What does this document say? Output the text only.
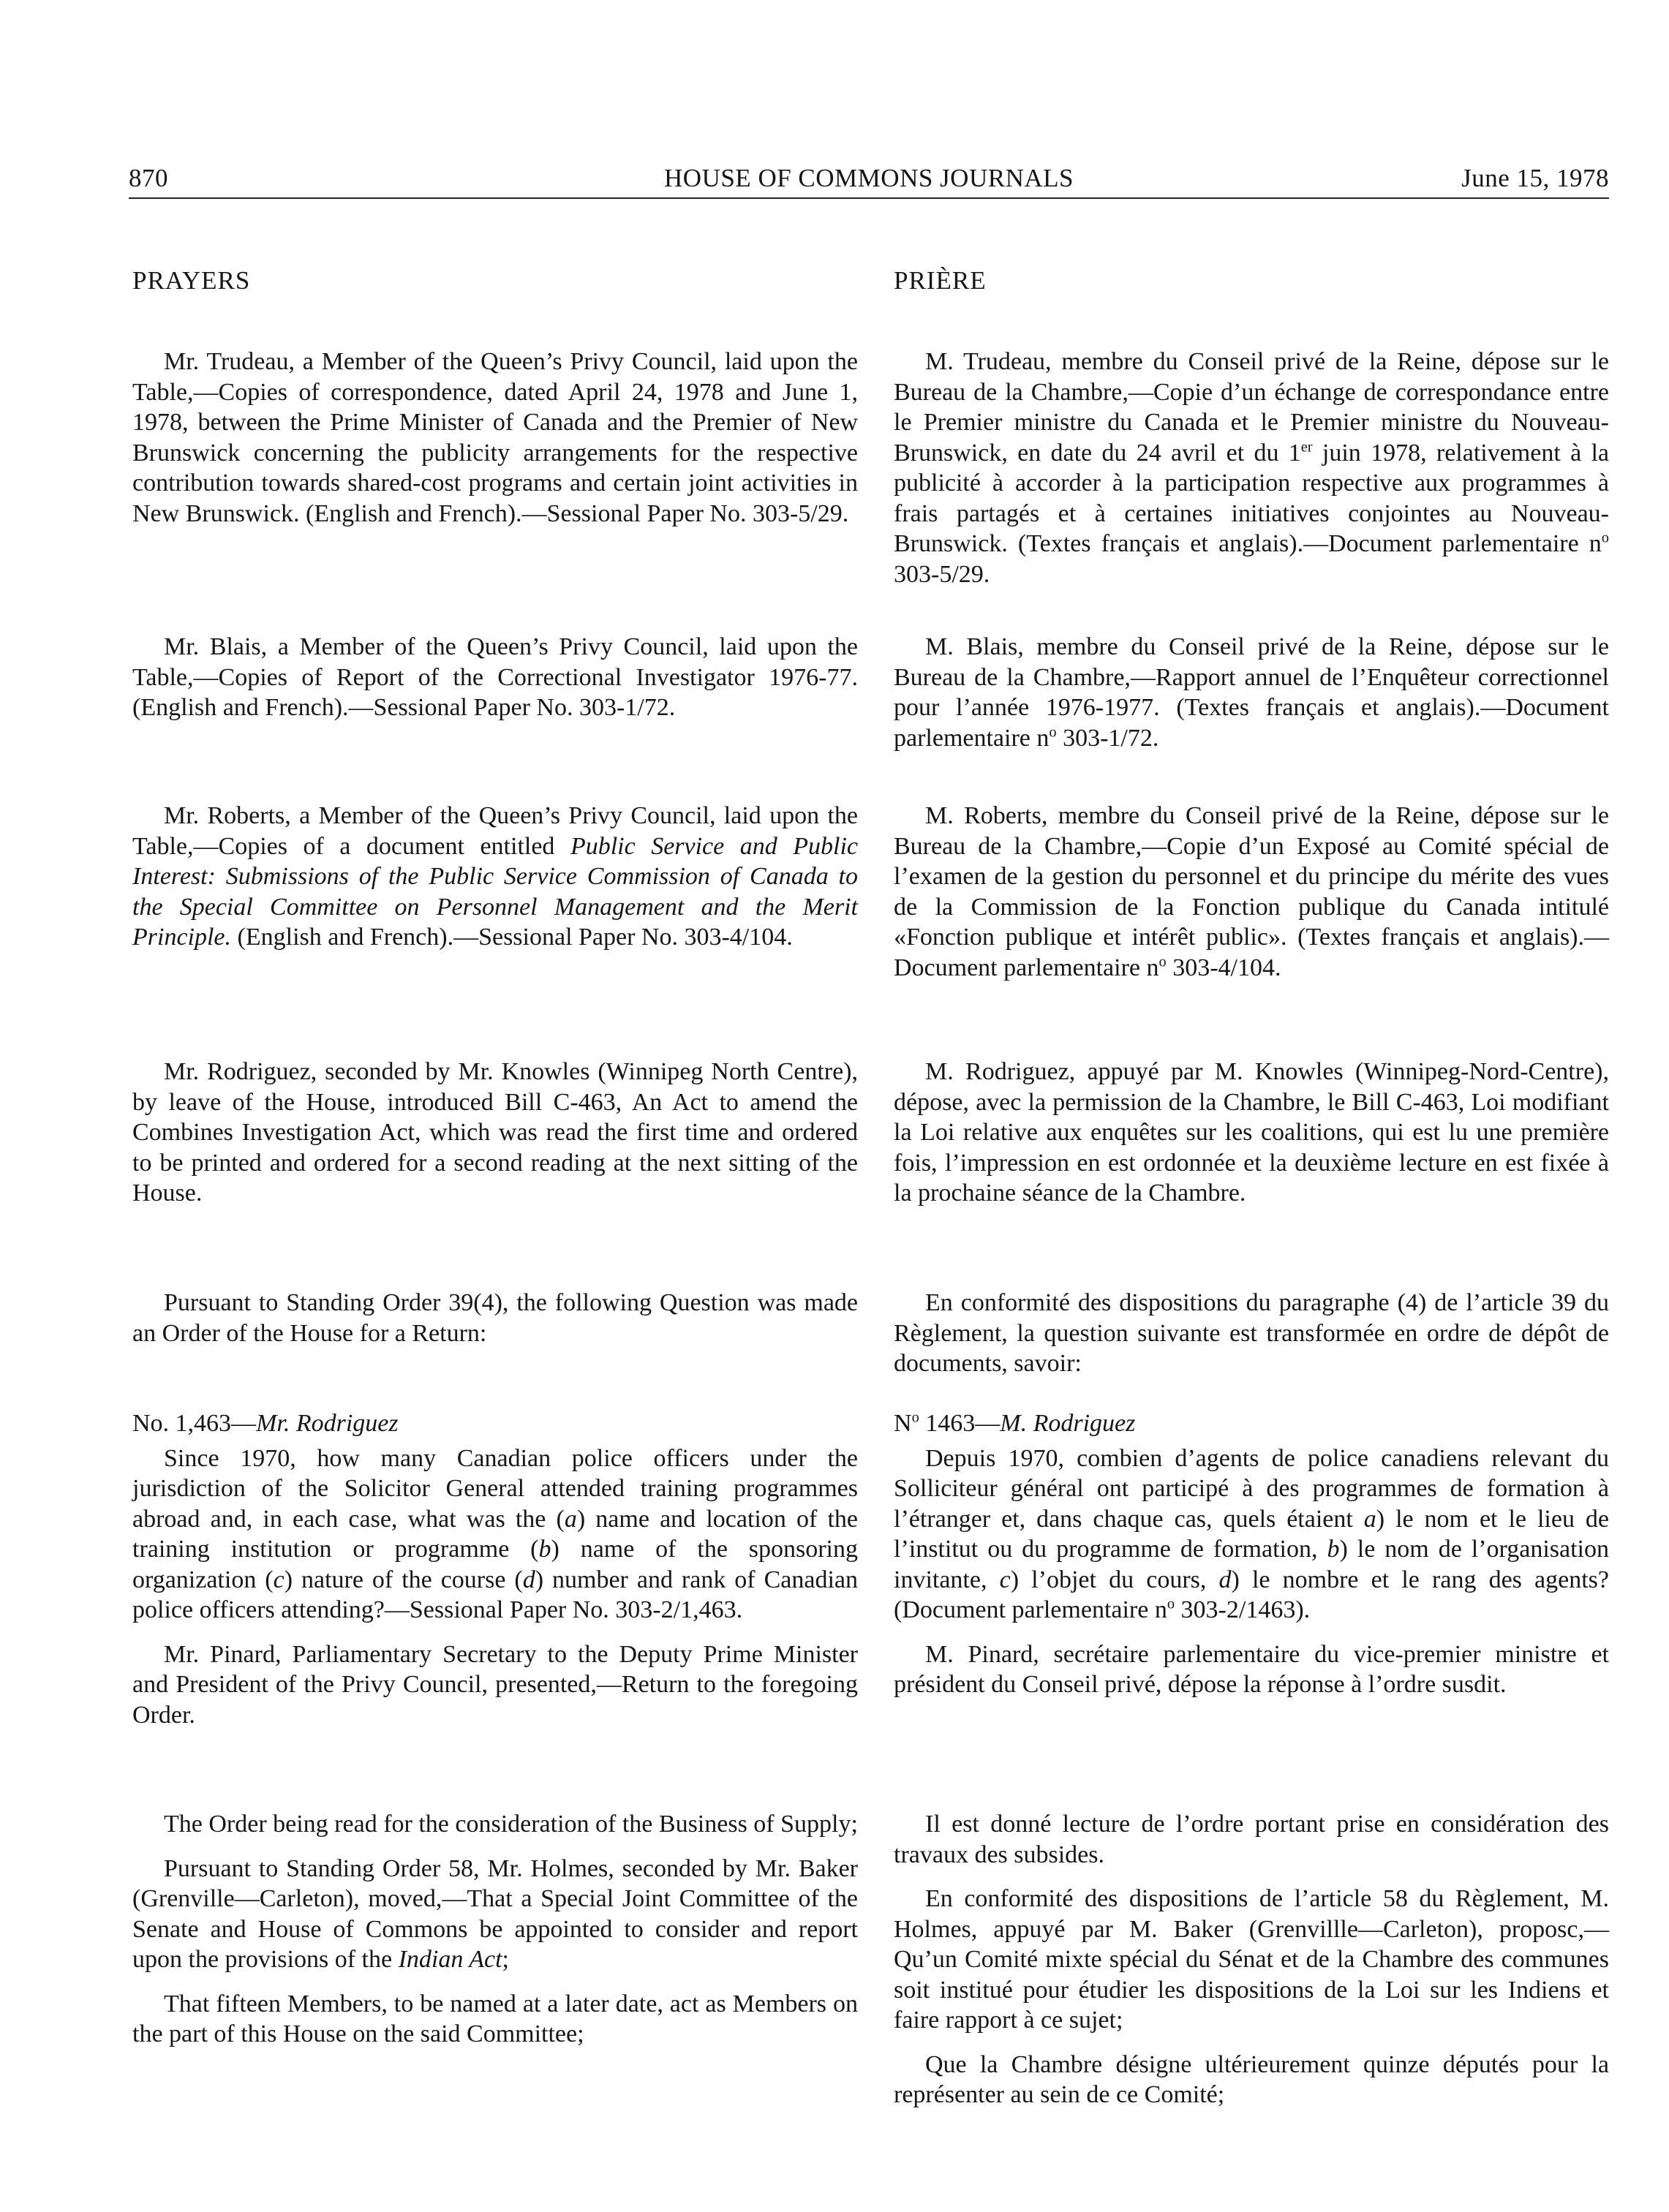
870	HOUSE OF COMMONS JOURNALS	June 15, 1978
PRAYERS

Mr. Trudeau, a Member of the Queen’s Privy Council, laid upon the Table,—Copies of correspondence, dated April 24, 1978 and June 1, 1978, between the Prime Minister of Canada and the Premier of New Brunswick concerning the publicity arrangements for the respective contribution towards shared-cost programs and certain joint activities in New Brunswick. (English and French).—Sessional Paper No. 303-5/29.

Mr. Blais, a Member of the Queen’s Privy Council, laid upon the Table,—Copies of Report of the Correctional Investigator 1976-77. (English and French).—Sessional Paper No. 303-1/72.

Mr. Roberts, a Member of the Queen’s Privy Council, laid upon the Table,—Copies of a document entitled Public Service and Public Interest: Submissions of the Public Service Commission of Canada to the Special Committee on Personnel Management and the Merit Principle. (English and French).—Sessional Paper No. 303-4/104.

Mr. Rodriguez, seconded by Mr. Knowles (Winnipeg North Centre), by leave of the House, introduced Bill C-463, An Act to amend the Combines Investigation Act, which was read the first time and ordered to be printed and ordered for a second reading at the next sitting of the House.

Pursuant to Standing Order 39(4), the following Question was made an Order of the House for a Return:

No. 1,463—Mr. Rodriguez

Since 1970, how many Canadian police officers under the jurisdiction of the Solicitor General attended training programmes abroad and, in each case, what was the (a) name and location of the training institution or programme (b) name of the sponsoring organization (c) nature of the course (d) number and rank of Canadian police officers attending?—Sessional Paper No. 303-2/1,463.

Mr. Pinard, Parliamentary Secretary to the Deputy Prime Minister and President of the Privy Council, presented,—Return to the foregoing Order.

The Order being read for the consideration of the Business of Supply;

Pursuant to Standing Order 58, Mr. Holmes, seconded by Mr. Baker (Grenville—Carleton), moved,—That a Special Joint Committee of the Senate and House of Commons be appointed to consider and report upon the provisions of the Indian Act;

That fifteen Members, to be named at a later date, act as Members on the part of this House on the said Committee;

PRIÈRE

M. Trudeau, membre du Conseil privé de la Reine, dépose sur le Bureau de la Chambre,—Copie d’un échange de correspondance entre le Premier ministre du Canada et le Premier ministre du Nouveau-Brunswick, en date du 24 avril et du 1er juin 1978, relativement à la publicité à accorder à la participation respective aux programmes à frais partagés et à certaines initiatives conjointes au Nouveau-Brunswick. (Textes français et anglais).—Document parlementaire $n^o$ 303-5/29.

M. Blais, membre du Conseil privé de la Reine, dépose sur le Bureau de la Chambre,—Rapport annuel de l’Enquêteur correctionnel pour l’année 1976-1977. (Textes français et anglais).—Document parlementaire $n^o$ 303-1/72.

M. Roberts, membre du Conseil privé de la Reine, dépose sur le Bureau de la Chambre,—Copie d’un Exposé au Comité spécial de l’examen de la gestion du personnel et du principe du mérite des vues de la Commission de la Fonction publique du Canada intitulé «Fonction publique et intérêt public». (Textes français et anglais).—Document parlementaire $n^o$ 303-4/104.

M. Rodriguez, appuyé par M. Knowles (Winnipeg-Nord-Centre), dépose, avec la permission de la Chambre, le Bill C-463, Loi modifiant la Loi relative aux enquêtes sur les coalitions, qui est lu une première fois, l’impression en est ordonnée et la deuxième lecture en est fixée à la prochaine séance de la Chambre.

En conformité des dispositions du paragraphe (4) de l’article 39 du Règlement, la question suivante est transformée en ordre de dépôt de documents, savoir:

$N^o$ 1463—M. Rodriguez

Depuis 1970, combien d’agents de police canadiens relevant du Solliciteur général ont participé à des programmes de formation à l’étranger et, dans chaque cas, quels étaient a) le nom et le lieu de l’institut ou du programme de formation, b) le nom de l’organisation invitante, c) l’objet du cours, d) le nombre et le rang des agents? (Document parlementaire $n^o$ 303-2/1463).

M. Pinard, secrétaire parlementaire du vice-premier ministre et président du Conseil privé, dépose la réponse à l’ordre susdit.

Il est donné lecture de l’ordre portant prise en considération des travaux des subsides.

En conformité des dispositions de l’article 58 du Règlement, M. Holmes, appuyé par M. Baker (Grenvillle—Carleton), proposc,—Qu’un Comité mixte spécial du Sénat et de la Chambre des communes soit institué pour étudier les dispositions de la Loi sur les Indiens et faire rapport à ce sujet;

Que la Chambre désigne ultérieurement quinze députés pour la représenter au sein de ce Comité;
